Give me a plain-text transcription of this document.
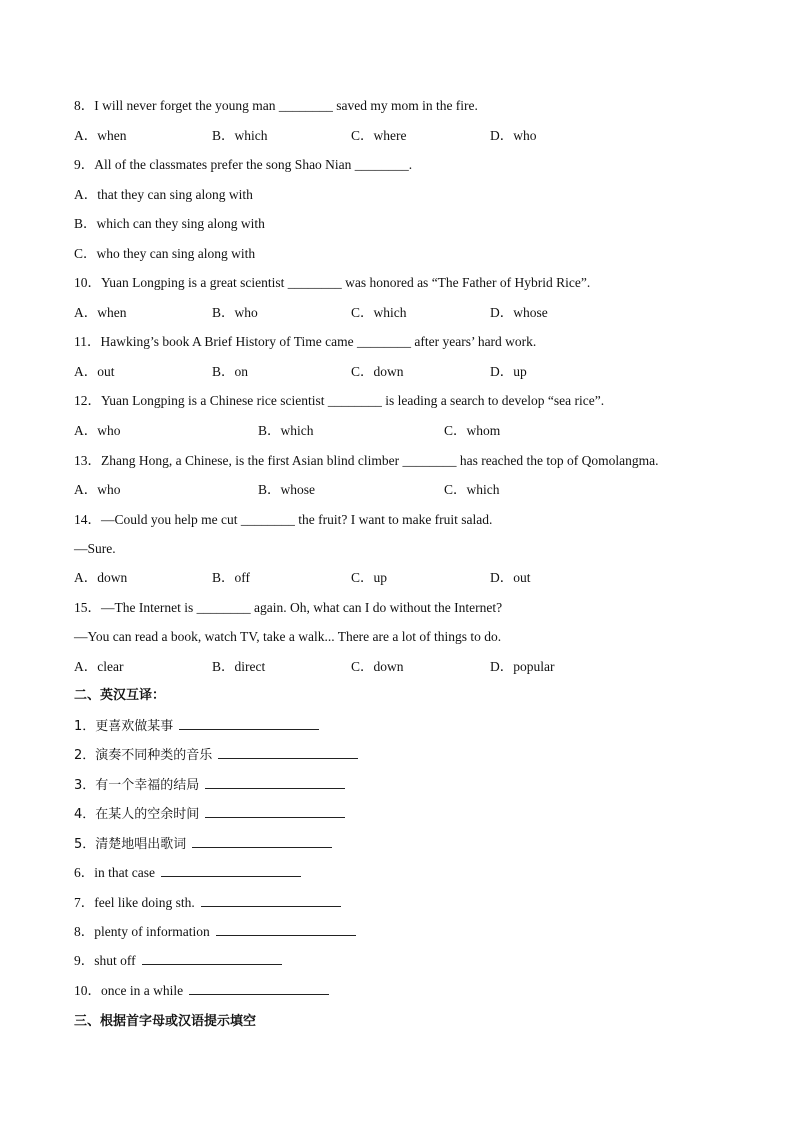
8．I will never forget the young man ________ saved my mom in the fire.
A．when	B．which	C．where	D．who
9．All of the classmates prefer the song Shao Nian ________.
A．that they can sing along with
B．which can they sing along with
C．who they can sing along with
10．Yuan Longping is a great scientist ________ was honored as “The Father of Hybrid Rice”.
A．when	B．who	C．which	D．whose
11．Hawking’s book A Brief History of Time came ________ after years’ hard work.
A．out	B．on	C．down	D．up
12．Yuan Longping is a Chinese rice scientist ________ is leading a search to develop “sea rice”.
A．who	B．which	C．whom
13．Zhang Hong, a Chinese, is the first Asian blind climber ________ has reached the top of Qomolangma.
A．who	B．whose	C．which
14．—Could you help me cut ________ the fruit? I want to make fruit salad.
—Sure.
A．down	B．off	C．up	D．out
15．—The Internet is ________ again. Oh, what can I do without the Internet?
—You can read a book, watch TV, take a walk... There are a lot of things to do.
A．clear	B．direct	C．down	D．popular
二、英汉互译：
1．更喜欢做某事
2．演奏不同种类的音乐
3．有一个幸福的结局
4．在某人的空余时间
5．清楚地唱出歌词
6．in that case
7．feel like doing sth.
8．plenty of information
9．shut off
10．once in a while
三、根据首字母或汉语提示填空
